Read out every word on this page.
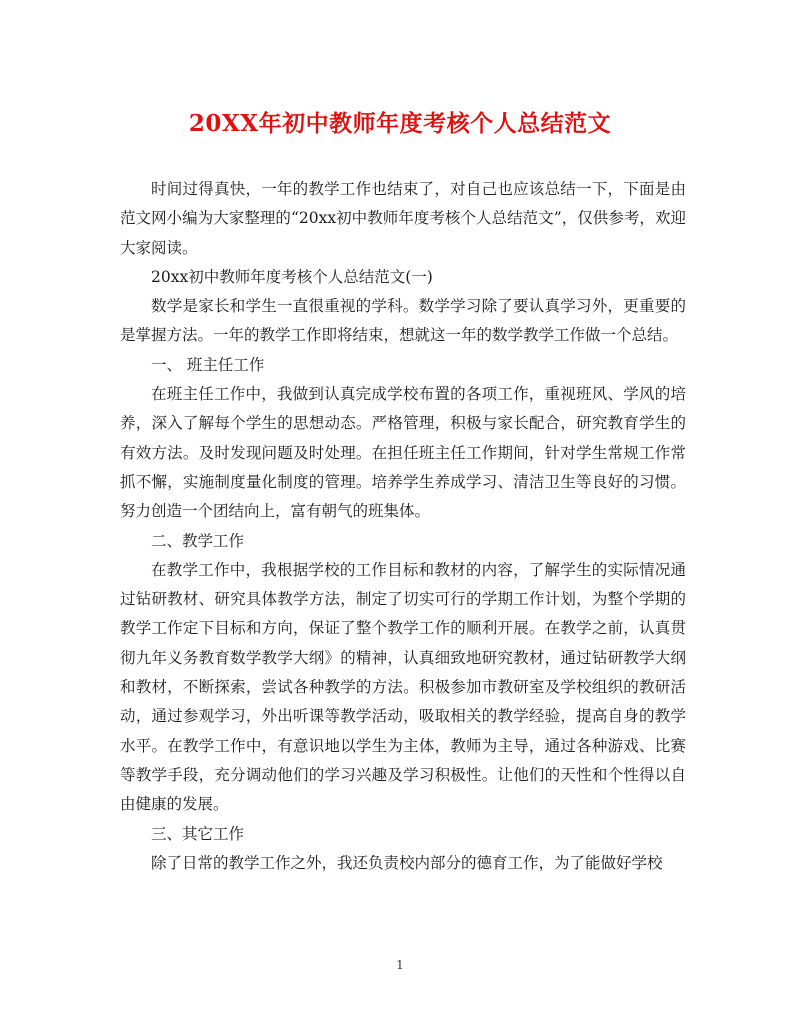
20XX年初中教师年度考核个人总结范文

时间过得真快，一年的教学工作也结束了，对自己也应该总结一下，下面是由范文网小编为大家整理的“20xx初中教师年度考核个人总结范文”，仅供参考，欢迎大家阅读。

20xx初中教师年度考核个人总结范文(一)

数学是家长和学生一直很重视的学科。数学学习除了要认真学习外，更重要的是掌握方法。一年的教学工作即将结束，想就这一年的数学教学工作做一个总结。

一、 班主任工作

在班主任工作中，我做到认真完成学校布置的各项工作，重视班风、学风的培养，深入了解每个学生的思想动态。严格管理，积极与家长配合，研究教育学生的有效方法。及时发现问题及时处理。在担任班主任工作期间，针对学生常规工作常抓不懈，实施制度量化制度的管理。培养学生养成学习、清洁卫生等良好的习惯。努力创造一个团结向上，富有朝气的班集体。

二、教学工作

在教学工作中，我根据学校的工作目标和教材的内容，了解学生的实际情况通过钻研教材、研究具体教学方法，制定了切实可行的学期工作计划，为整个学期的教学工作定下目标和方向，保证了整个教学工作的顺利开展。在教学之前，认真贯彻九年义务教育数学教学大纲》的精神，认真细致地研究教材，通过钻研教学大纲和教材，不断探索，尝试各种教学的方法。积极参加市教研室及学校组织的教研活动，通过参观学习，外出听课等教学活动，吸取相关的教学经验，提高自身的教学水平。在教学工作中，有意识地以学生为主体，教师为主导，通过各种游戏、比赛等教学手段，充分调动他们的学习兴趣及学习积极性。让他们的天性和个性得以自由健康的发展。

三、其它工作

除了日常的教学工作之外，我还负责校内部分的德育工作，为了能做好学校

1
